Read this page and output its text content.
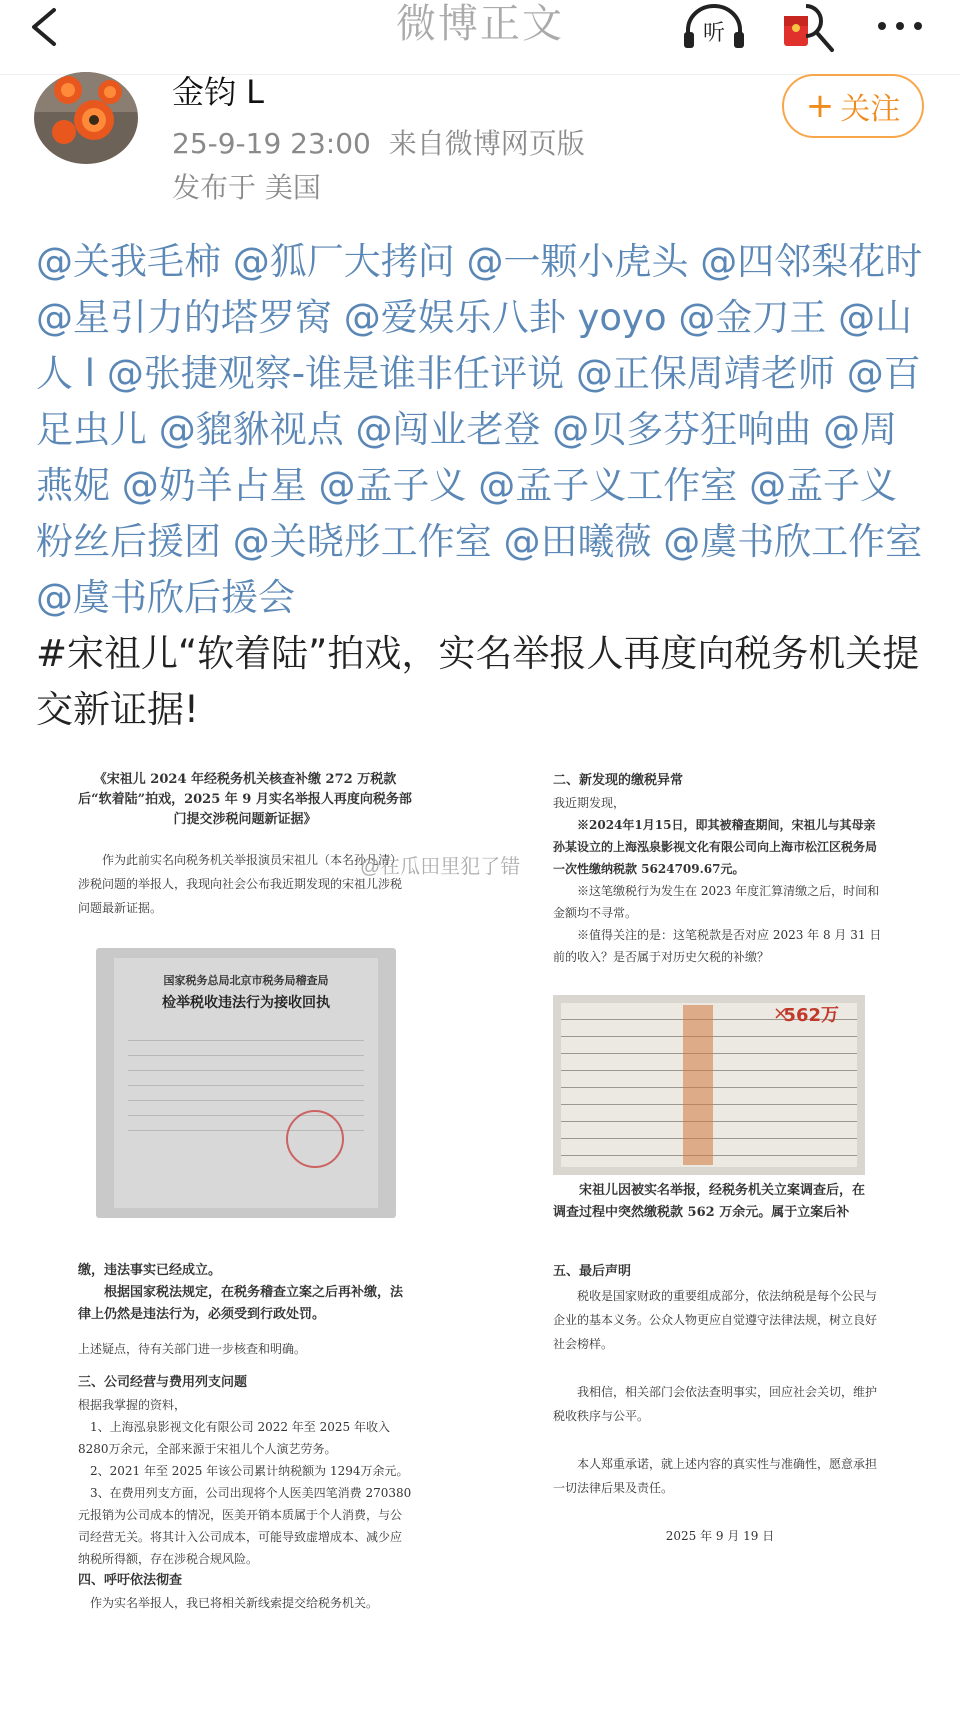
微博正文	听
金钧 L
25-9-19 23:00 来自微博网页版
发布于 美国
+ 关注
@关我毛柿 @狐厂大拷问 @一颗小虎头 @四邻梨花时 @星引力的塔罗窝 @爱娱乐八卦 yoyo @金刀王 @山人 l @张捷观察-谁是谁非任评说 @正保周靖老师 @百足虫儿 @貔貅视点 @闯业老登 @贝多芬狂响曲 @周燕妮 @奶羊占星 @孟子义 @孟子义工作室 @孟子义粉丝后援团 @关晓彤工作室 @田曦薇 @虞书欣工作室 @虞书欣后援会
#宋祖儿“软着陆”拍戏，实名举报人再度向税务机关提交新证据!
《宋祖儿 2024 年经税务机关核查补缴 272 万税款后“软着陆”拍戏，2025 年 9 月实名举报人再度向税务部门提交涉税问题新证据》
作为此前实名向税务机关举报演员宋祖儿（本名孙凡清）涉税问题的举报人，我现向社会公布我近期发现的宋祖儿涉税问题最新证据。
国家税务总局北京市税务局稽查局
检举税收违法行为接收回执
二、新发现的缴税异常
我近期发现，
※2024年1月15日，即其被稽查期间，宋祖儿与其母亲孙某设立的上海泓泉影视文化有限公司向上海市松江区税务局一次性缴纳税款 5624709.67元。
※这笔缴税行为发生在 2023 年度汇算清缴之后，时间和金额均不寻常。
※值得关注的是：这笔税款是否对应 2023 年 8 月 31 日前的收入？是否属于对历史欠税的补缴？
562万
×
宋祖儿因被实名举报，经税务机关立案调查后，在调查过程中突然缴税款 562 万余元。属于立案后补
缴，违法事实已经成立。
根据国家税法规定，在税务稽查立案之后再补缴，法律上仍然是违法行为，必须受到行政处罚。
上述疑点，待有关部门进一步核查和明确。
三、公司经营与费用列支问题
根据我掌握的资料，
1、上海泓泉影视文化有限公司 2022 年至 2025 年收入 8280万余元，全部来源于宋祖儿个人演艺劳务。
2、2021 年至 2025 年该公司累计纳税额为 1294万余元。
3、在费用列支方面，公司出现将个人医美四笔消费 270380 元报销为公司成本的情况，医美开销本质属于个人消费，与公司经营无关。将其计入公司成本，可能导致虚增成本、减少应纳税所得额，存在涉税合规风险。
四、呼吁依法彻查
作为实名举报人，我已将相关新线索提交给税务机关。
五、最后声明
税收是国家财政的重要组成部分，依法纳税是每个公民与企业的基本义务。公众人物更应自觉遵守法律法规，树立良好社会榜样。
我相信，相关部门会依法查明事实，回应社会关切，维护税收秩序与公平。
本人郑重承诺，就上述内容的真实性与准确性，愿意承担一切法律后果及责任。
2025 年 9 月 19 日
@在瓜田里犯了错
